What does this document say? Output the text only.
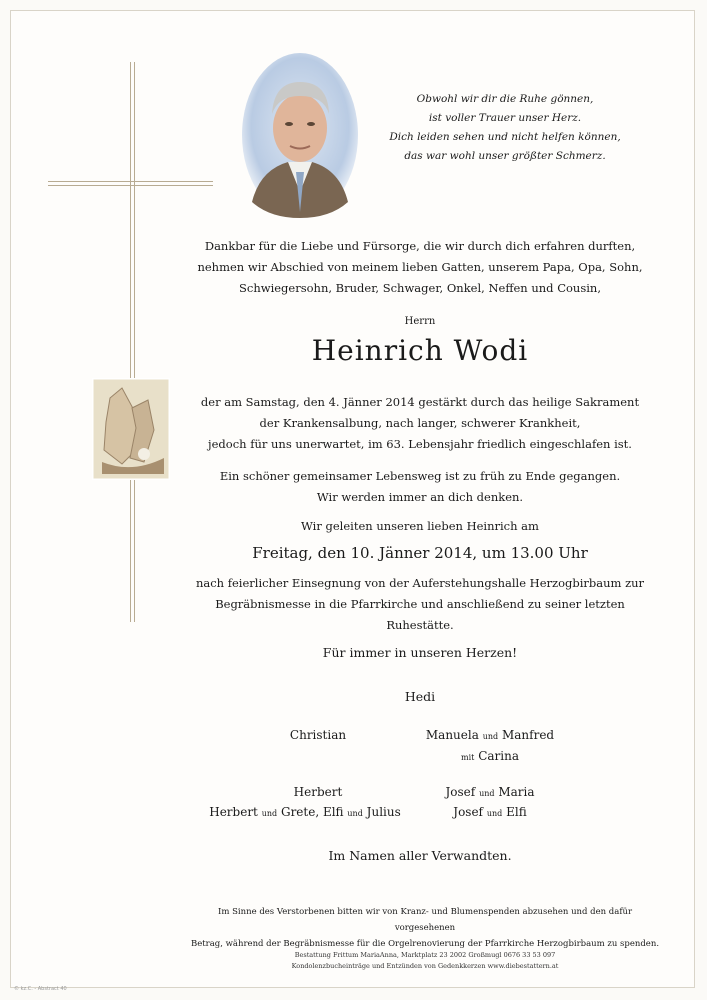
Obwohl wir dir die Ruhe gönnen,
ist voller Trauer unser Herz.
Dich leiden sehen und nicht helfen können,
das war wohl unser größter Schmerz.
Dankbar für die Liebe und Fürsorge, die wir durch dich erfahren durften,
nehmen wir Abschied von meinem lieben Gatten, unserem Papa, Opa, Sohn,
Schwiegersohn, Bruder, Schwager, Onkel, Neffen und Cousin,
Herrn
Heinrich Wodi
der am Samstag, den 4. Jänner 2014 gestärkt durch das heilige Sakrament
der Krankensalbung, nach langer, schwerer Krankheit,
jedoch für uns unerwartet, im 63. Lebensjahr friedlich eingeschlafen ist.
Ein schöner gemeinsamer Lebensweg ist zu früh zu Ende gegangen.
Wir werden immer an dich denken.
Wir geleiten unseren lieben Heinrich am
Freitag, den 10. Jänner 2014, um 13.00 Uhr
nach feierlicher Einsegnung von der Auferstehungshalle Herzogbirbaum zur
Begräbnismesse in die Pfarrkirche und anschließend zu seiner letzten Ruhestätte.
Für immer in unseren Herzen!
Hedi
Christian	Manuela und Manfred
mit Carina
Herbert	Josef und Maria
Herbert und Grete, Elfi und Julius	Josef und Elfi
Im Namen aller Verwandten.
Im Sinne des Verstorbenen bitten wir von Kranz- und Blumenspenden abzusehen und den dafür vorgesehenen
Betrag, während der Begräbnismesse für die Orgelrenovierung der Pfarrkirche Herzogbirbaum zu spenden.
Bestattung Frittum MariaAnna, Marktplatz 23 2002 Großmugl 0676 33 53 097
Kondolenzbucheinträge und Entzünden von Gedenkkerzen www.diebestattern.at
© kz.C. - Abstract 40
